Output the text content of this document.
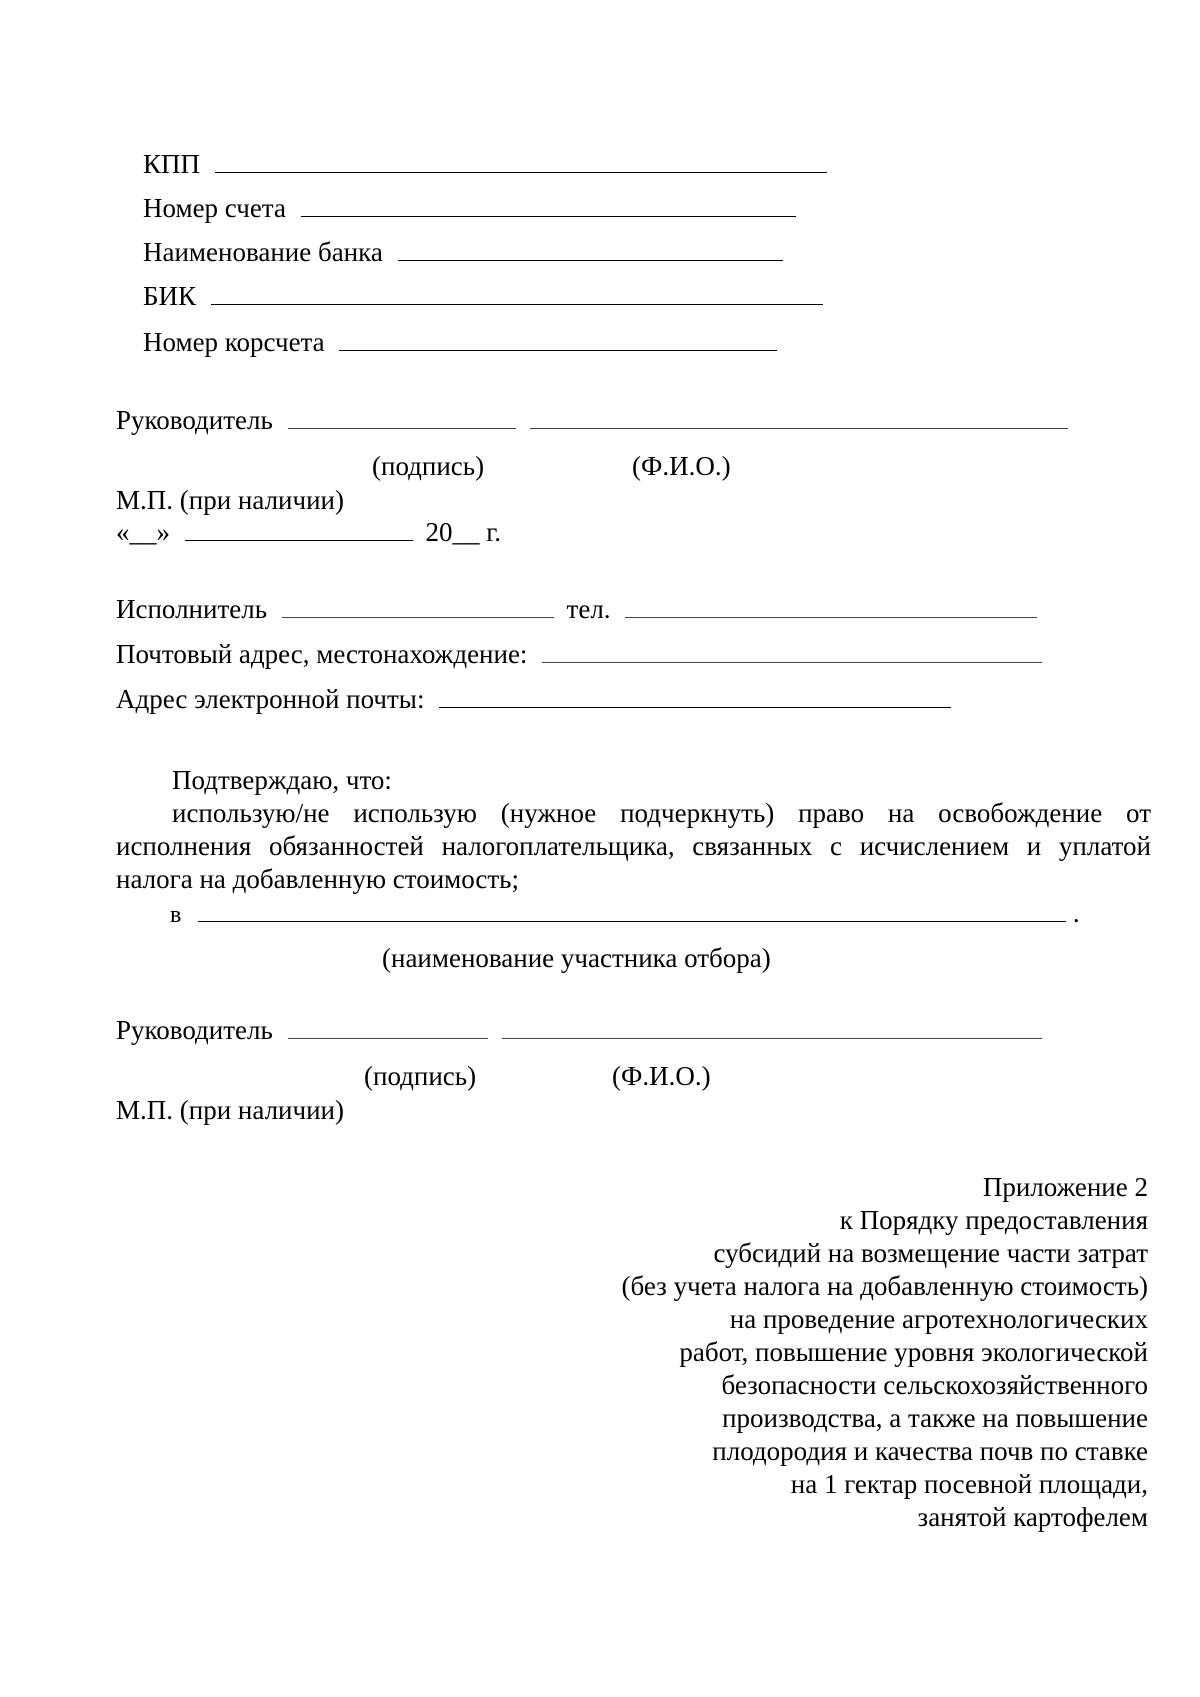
КПП
Номер счета
Наименование банка
БИК
Номер корсчета
Руководитель
(подпись)	(Ф.И.О.)
М.П. (при наличии)
«__»	20__ г.
Исполнитель	тел.
Почтовый адрес, местонахождение:
Адрес электронной почты:
Подтверждаю, что:
использую/не использую (нужное подчеркнуть) право на освобождение от
исполнения обязанностей налогоплательщика, связанных с исчислением и уплатой
налога на добавленную стоимость;
в	.
(наименование участника отбора)
Руководитель
(подпись)	(Ф.И.О.)
М.П. (при наличии)
Приложение 2
к Порядку предоставления
субсидий на возмещение части затрат
(без учета налога на добавленную стоимость)
на проведение агротехнологических
работ, повышение уровня экологической
безопасности сельскохозяйственного
производства, а также на повышение
плодородия и качества почв по ставке
на 1 гектар посевной площади,
занятой картофелем
